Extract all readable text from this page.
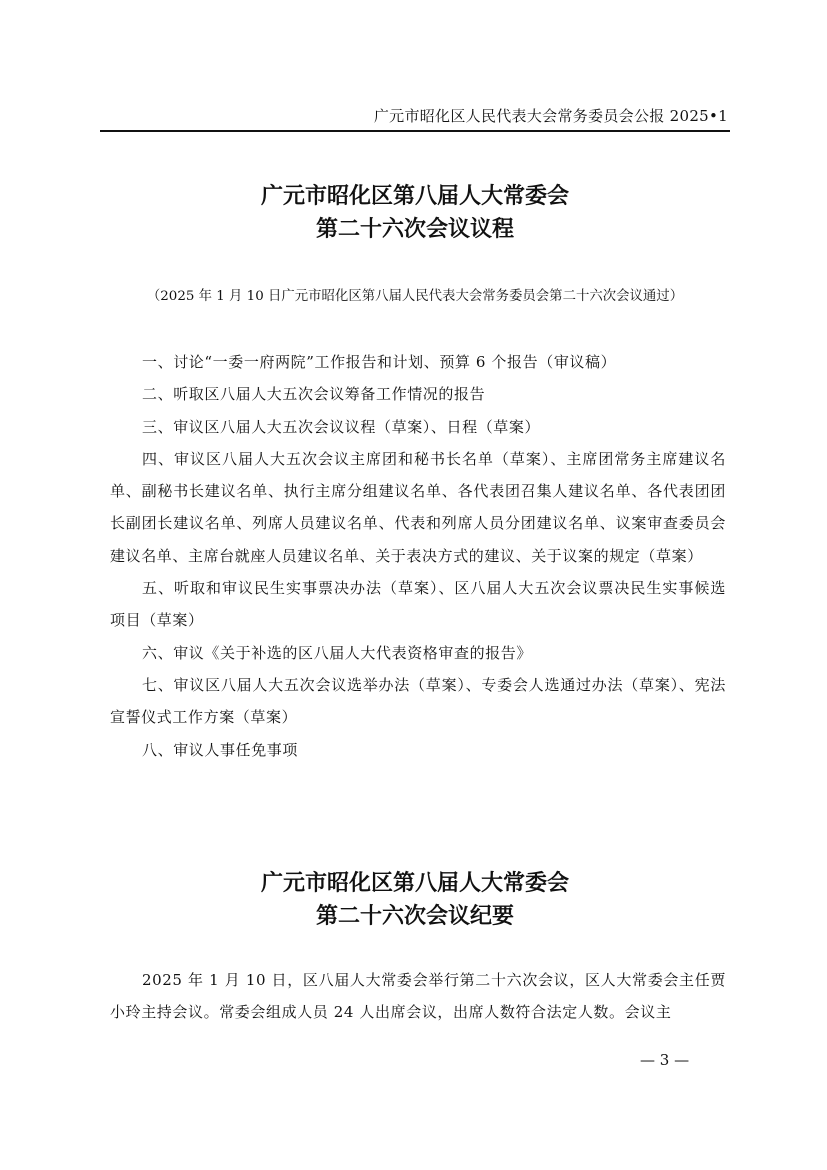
广元市昭化区人民代表大会常务委员会公报 2025•1
广元市昭化区第八届人大常委会
第二十六次会议议程
（2025 年 1 月 10 日广元市昭化区第八届人民代表大会常务委员会第二十六次会议通过）

一、讨论“一委一府两院”工作报告和计划、预算 6 个报告（审议稿）

二、听取区八届人大五次会议筹备工作情况的报告

三、审议区八届人大五次会议议程（草案）、日程（草案）

四、审议区八届人大五次会议主席团和秘书长名单（草案）、主席团常务主席建议名单、副秘书长建议名单、执行主席分组建议名单、各代表团召集人建议名单、各代表团团长副团长建议名单、列席人员建议名单、代表和列席人员分团建议名单、议案审查委员会建议名单、主席台就座人员建议名单、关于表决方式的建议、关于议案的规定（草案）

五、听取和审议民生实事票决办法（草案）、区八届人大五次会议票决民生实事候选项目（草案）

六、审议《关于补选的区八届人大代表资格审查的报告》

七、审议区八届人大五次会议选举办法（草案）、专委会人选通过办法（草案）、宪法宣誓仪式工作方案（草案）

八、审议人事任免事项

广元市昭化区第八届人大常委会
第二十六次会议纪要

2025 年 1 月 10 日，区八届人大常委会举行第二十六次会议，区人大常委会主任贾小玲主持会议。常委会组成人员 24 人出席会议，出席人数符合法定人数。会议主

— 3 —
